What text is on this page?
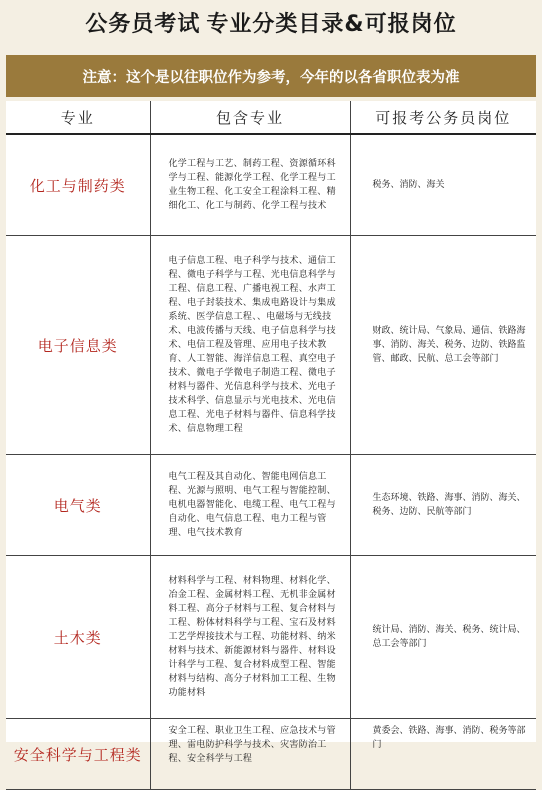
公务员考试 专业分类目录&可报岗位
注意：这个是以往职位作为参考，今年的以各省职位表为准
专业	包含专业	可报考公务员岗位
化工与制药类	化学工程与工艺、制药工程、资源循环科学与工程、能源化学工程、化学工程与工业生物工程、化工安全工程涂料工程、精细化工、化工与制药、化学工程与技术	税务、消防、海关
电子信息类	电子信息工程、电子科学与技术、通信工程、微电子科学与工程、光电信息科学与工程、信息工程、广播电视工程、水声工程、电子封装技术、集成电路设计与集成系统、医学信息工程、、电磁场与无线技术、电波传播与天线、电子信息科学与技术、电信工程及管理、应用电子技术教育、人工智能、海洋信息工程、真空电子技术、微电子学微电子制造工程、微电子材料与器件、光信息科学与技术、光电子技术科学、信息显示与光电技术、光电信息工程、光电子材料与器件、信息科学技术、信息物理工程	财政、统计局、气象局、通信、铁路海事、消防、海关、税务、边防、铁路监管、邮政、民航、总工会等部门
电气类	电气工程及其自动化、智能电网信息工程、光源与照明、电气工程与智能控制、电机电器智能化、电缆工程、电气工程与自动化、电气信息工程、电力工程与管理、电气技术教育	生态环境、铁路、海事、消防、海关、税务、边防、民航等部门
土木类	材料科学与工程、材料物理、材料化学、冶金工程、金属材料工程、无机非金属材料工程、高分子材料与工程、复合材料与工程、粉体材料科学与工程、宝石及材料工艺学焊接技术与工程、功能材料、纳米材料与技术、新能源材料与器件、材料设计科学与工程、复合材料成型工程、智能材料与结构、高分子材料加工工程、生物功能材料	统计局、消防、海关、税务、统计局、总工会等部门
安全科学与工程类	安全工程、职业卫生工程、应急技术与管理、雷电防护科学与技术、灾害防治工程、安全科学与工程	黄委会、铁路、海事、消防、税务等部门
